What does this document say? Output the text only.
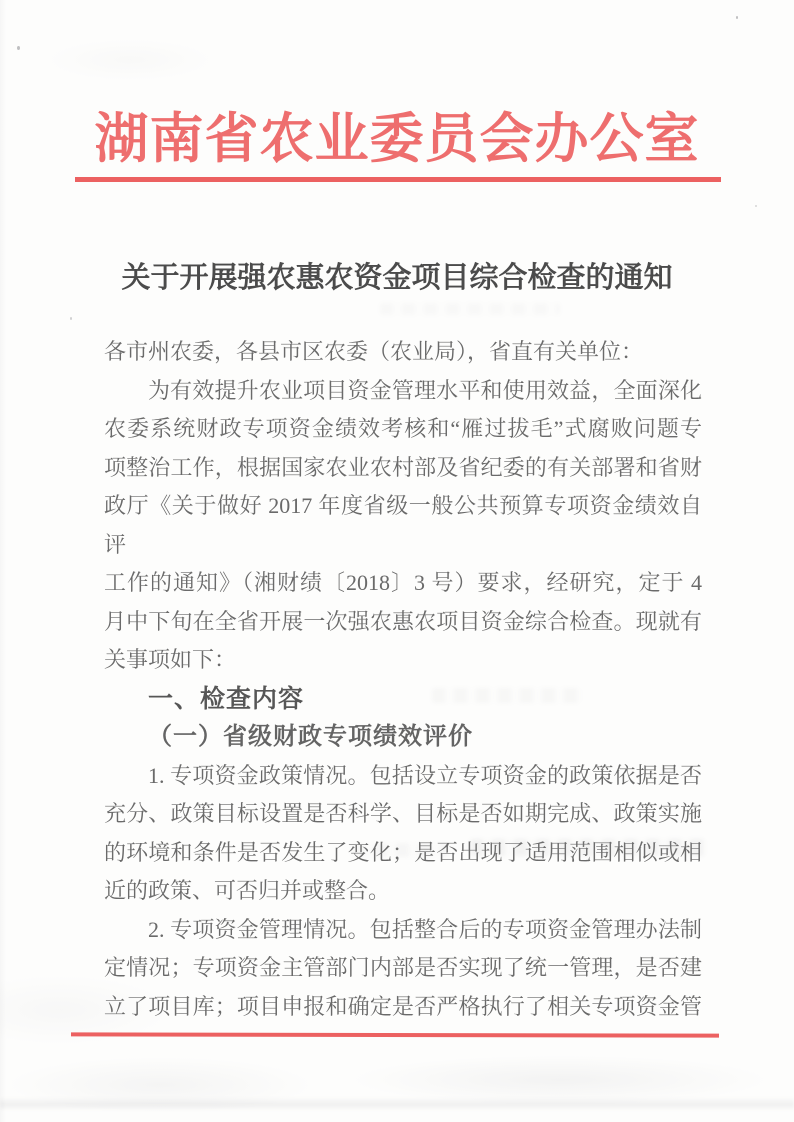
湖南省农业委员会办公室
关于开展强农惠农资金项目综合检查的通知
各市州农委，各县市区农委（农业局），省直有关单位：
为有效提升农业项目资金管理水平和使用效益，全面深化
农委系统财政专项资金绩效考核和“雁过拔毛”式腐败问题专
项整治工作，根据国家农业农村部及省纪委的有关部署和省财
政厅《关于做好 2017 年度省级一般公共预算专项资金绩效自评
工作的通知》（湘财绩〔2018〕3 号）要求，经研究，定于 4
月中下旬在全省开展一次强农惠农项目资金综合检查。现就有
关事项如下：
一、检查内容
（一）省级财政专项绩效评价
1. 专项资金政策情况。包括设立专项资金的政策依据是否
充分、政策目标设置是否科学、目标是否如期完成、政策实施
的环境和条件是否发生了变化；是否出现了适用范围相似或相
近的政策、可否归并或整合。
2. 专项资金管理情况。包括整合后的专项资金管理办法制
定情况；专项资金主管部门内部是否实现了统一管理，是否建
立了项目库；项目申报和确定是否严格执行了相关专项资金管
